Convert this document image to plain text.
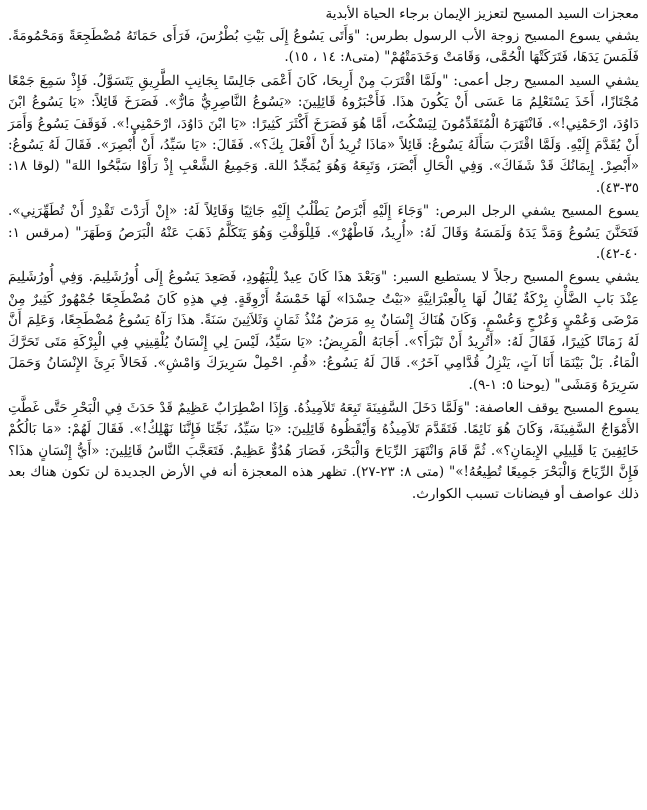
معجزات السيد المسيح لتعزيز الإيمان برجاء الحياة الأبدية

يشفي يسوع المسيح زوجة الأب الرسول بطرس: "وَأَتَى يَسُوعُ إِلَى بَيْتِ بُطْرُسَ، فَرَأَى حَمَاتَهُ مُضْطَجِعَةً وَمَحْمُومَةً. فَلَمَسَ يَدَهَا، فَتَرَكَتْهَا الْحُمَّى، وَقَامَتْ وَخَدَمَتْهُمْ" (متى٨: ١٤ ، ١٥).

يشفي السيد المسيح رجل أعمى: "ولَمَّا اقْتَرَبَ مِنْ أَرِيحَا، كَانَ أَعْمَى جَالِسًا بِجَانِبِ الطَّرِيقِ يَتَسَوَّلُ. فَإِذْ سَمِعَ جَمْعًا مُجْتَازًا، أَخَذَ يَسْتَعْلِمُ مَا عَسَى أَنْ يَكُونَ هذَا. فَأَخْبَرُوهُ قَائِلِينَ: «يَسُوعُ النَّاصِرِيُّ مَارٌّ». فَصَرَخَ قَائِلاً: «يَا يَسُوعُ ابْنَ دَاوُدَ، ارْحَمْنِي!». فَانْتَهَرَهُ الْمُتَقَدِّمُونَ لِيَسْكُتَ، أَمَّا هُوَ فَصَرَخَ أَكْثَرَ كَثِيرًا: «يَا ابْنَ دَاوُدَ، ارْحَمْنِي!». فَوَقَفَ يَسُوعُ وَأَمَرَ أَنْ يُقَدَّمَ إِلَيْهِ. وَلَمَّا اقْتَرَبَ سَأَلَهُ يَسُوعُ: قَائِلاً «مَاذَا تُرِيدُ أَنْ أَفْعَلَ بِكَ؟». فَقَالَ: «يَا سَيِّدُ، أَنْ أُبْصِرَ». فَقَالَ لَهُ يَسُوعُ: «أَبْصِرْ. إِيمَانُكَ قَدْ شَفَاكَ». وَفِي الْحَالِ أَبْصَرَ، وَتَبِعَهُ وَهُوَ يُمَجِّدُ اللهَ. وَجَمِيعُ الشَّعْبِ إِذْ رَأَوْا سَبَّحُوا اللهَ" (لوقا ١٨: ٣٥-٤٣).

يسوع المسيح يشفي الرجل البرص: "وَجَاءَ إِلَيْهِ أَبْرَصُ يَطْلُبُ إِلَيْهِ جَاثِيًا وَقَائِلاً لَهُ: «إِنْ أَرَدْتَ تَقْدِرْ أَنْ تُطَهِّرَنِي». فَتَحَنَّنَ يَسُوعُ وَمَدَّ يَدَهُ وَلَمَسَهُ وَقَالَ لَهُ: «أُرِيدُ، فَاطْهُرْ». فَلِلْوَقْتِ وَهُوَ يَتَكَلَّمُ ذَهَبَ عَنْهُ الْبَرَصُ وَطَهَرَ" (مرقس ١: ٤٠-٤٢).

يشفي يسوع المسيح رجلاً لا يستطيع السير: "وَبَعْدَ هذَا كَانَ عِيدٌ لِلْيَهُودِ، فَصَعِدَ يَسُوعُ إِلَى أُورُشَلِيمَ. وَفِي أُورُشَلِيمَ عِنْدَ بَابِ الضَّأْنِ بِرْكَةٌ يُقَالُ لَهَا بِالْعِبْرَانِيَّةِ «بَيْتُ حِسْدَا» لَهَا خَمْسَةُ أَرْوِقَةٍ. فِي هذِهِ كَانَ مُضْطَجِعًا جُمْهُورٌ كَثِيرٌ مِنْ مَرْضَى وَعُمْيٍ وَعُرْجٍ وَعُسْمٍ. وَكَانَ هُنَاكَ إِنْسَانٌ بِهِ مَرَضٌ مُنْذُ ثَمَانٍ وَثَلاَثِينَ سَنَةً. هذَا رَآهُ يَسُوعُ مُضْطَجِعًا، وَعَلِمَ أَنَّ لَهُ زَمَانًا كَثِيرًا، فَقَالَ لَهُ: «أَتُرِيدُ أَنْ تَبْرَأَ؟». أَجَابَهُ الْمَرِيضُ: «يَا سَيِّدُ، لَيْسَ لِي إِنْسَانٌ يُلْقِينِي فِي الْبِرْكَةِ مَتَى تَحَرَّكَ الْمَاءُ. بَلْ بَيْنَمَا أَنَا آتٍ، يَنْزِلُ قُدَّامِي آخَرُ». قَالَ لَهُ يَسُوعُ: «قُمِ. احْمِلْ سَرِيرَكَ وَامْشِ». فَحَالاً بَرِئَ الإِنْسَانُ وَحَمَلَ سَرِيرَهُ وَمَشَى" (يوحنا ٥: ١-٩).

يسوع المسيح يوقف العاصفة: "وَلَمَّا دَخَلَ السَّفِينَةَ تَبِعَهُ تَلاَمِيذُهُ. وَإِذَا اضْطِرَابٌ عَظِيمٌ قَدْ حَدَثَ فِي الْبَحْرِ حَتَّى غَطَّتِ الأَمْوَاجُ السَّفِينَةَ، وَكَانَ هُوَ نَائِمًا. فَتَقَدَّمَ تَلاَمِيذُهُ وَأَيْقَظُوهُ قَائِلِينَ: «يَا سَيِّدُ، نَجِّنَا فَإِنَّنَا نَهْلِكُ!». فَقَالَ لَهُمْ: «مَا بَالُكُمْ خَائِفِينَ يَا قَلِيلِي الإِيمَانِ؟». ثُمَّ قَامَ وَانْتَهَرَ الرِّيَاحَ وَالْبَحْرَ، فَصَارَ هُدُوٌّ عَظِيمٌ. فَتَعَجَّبَ النَّاسُ قَائِلِينَ: «أَيُّ إِنْسَانٍ هذَا؟ فَإِنَّ الرِّيَاحَ وَالْبَحْرَ جَمِيعًا تُطِيعُهُ!»" (متى ٨: ٢٣-٢٧). تظهر هذه المعجزة أنه في الأرض الجديدة لن تكون هناك بعد ذلك عواصف أو فيضانات تسبب الكوارث.
